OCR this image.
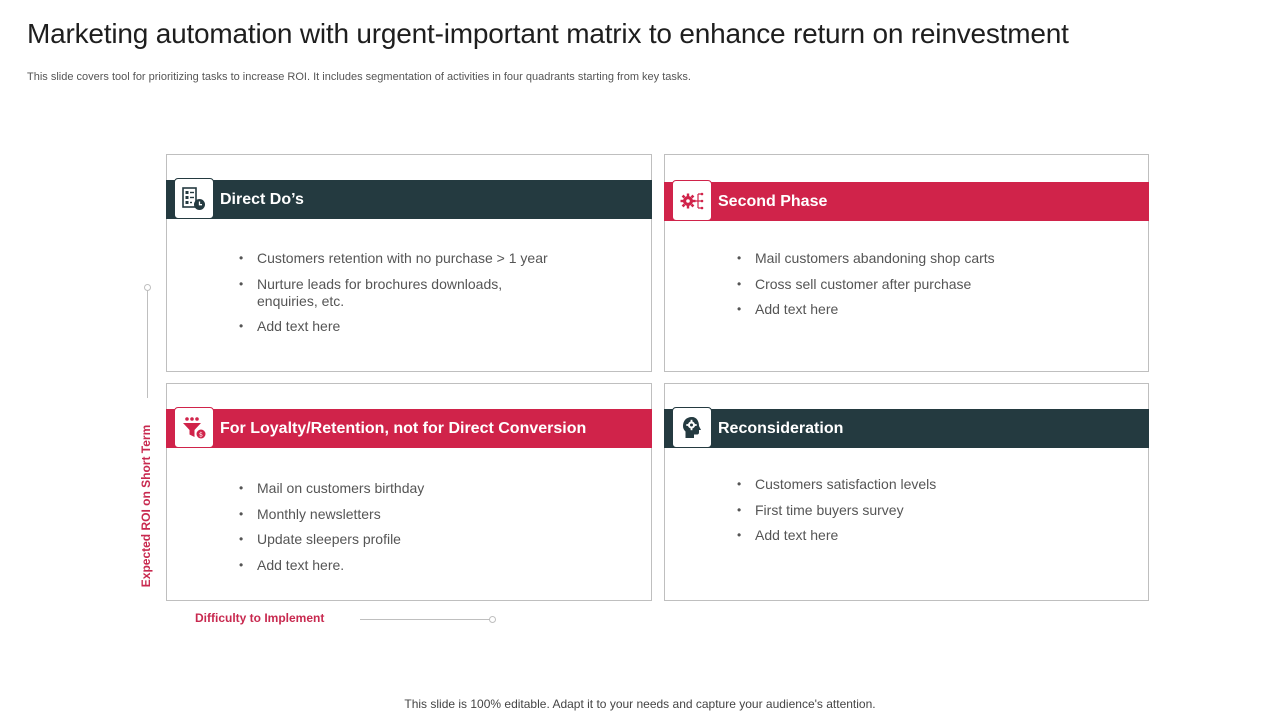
Marketing automation with urgent-important matrix to enhance return on reinvestment
This slide covers tool for prioritizing tasks to increase ROI. It includes segmentation of activities in four quadrants starting from key tasks.
Direct Do’s
• Customers retention with no purchase > 1 year
• Nurture leads for brochures downloads, enquiries, etc.
• Add text here
Second Phase
• Mail customers abandoning shop carts
• Cross sell customer after purchase
• Add text here
$ For Loyalty/Retention, not for Direct Conversion
• Mail on customers birthday
• Monthly newsletters
• Update sleepers profile
• Add text here.
Reconsideration
• Customers satisfaction levels
• First time buyers survey
• Add text here
Expected ROI on Short Term
Difficulty to Implement
This slide is 100% editable. Adapt it to your needs and capture your audience's attention.
